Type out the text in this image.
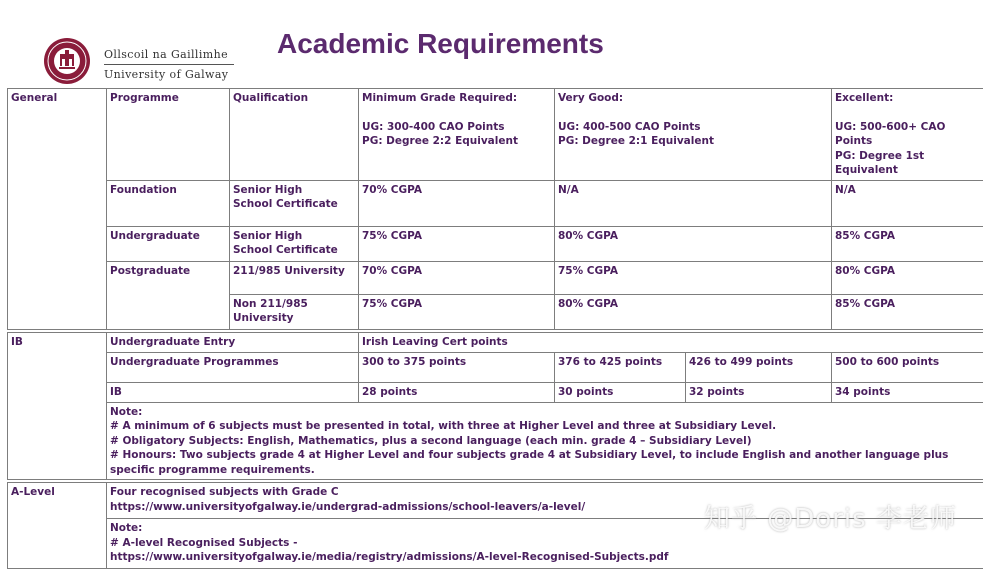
Ollscoil na Gaillimhe
University of Galway
Academic Requirements
General	Programme	Qualification	Minimum Grade Required:
UG: 300-400 CAO Points
PG: Degree 2:2 Equivalent	Very Good:
UG: 400-500 CAO Points
PG: Degree 2:1 Equivalent		Excellent:
UG: 500-600+ CAO Points
PG: Degree 1st Equivalent

	Foundation	Senior High
School Certificate	70% CGPA	N/A		N/A
	Undergraduate	Senior High
School Certificate	75% CGPA	80% CGPA		85% CGPA
	Postgraduate	211/985 University	70% CGPA	75% CGPA		80% CGPA

		Non 211/985
University	75% CGPA	80% CGPA		85% CGPA

IB	Undergraduate Entry		Irish Leaving Cert points			
	Undergraduate Programmes		300 to 375 points	376 to 425 points	426 to 499 points	500 to 600 points
	IB		28 points	30 points	32 points	34 points

	Note:
# A minimum of 6 subjects must be presented in total, with three at Higher Level and three at Subsidiary Level.
# Obligatory Subjects: English, Mathematics, plus a second language (each min. grade 4 – Subsidiary Level)
# Honours: Two subjects grade 4 at Higher Level and four subjects grade 4 at Subsidiary Level, to include English and another language plus specific programme requirements.					

A-Level	Four recognised subjects with Grade C
https://www.universityofgalway.ie/undergrad-admissions/school-leavers/a-level/					

	Note:
# A-level Recognised Subjects -
https://www.universityofgalway.ie/media/registry/admissions/A-level-Recognised-Subjects.pdf					
知乎 @Doris 李老师
